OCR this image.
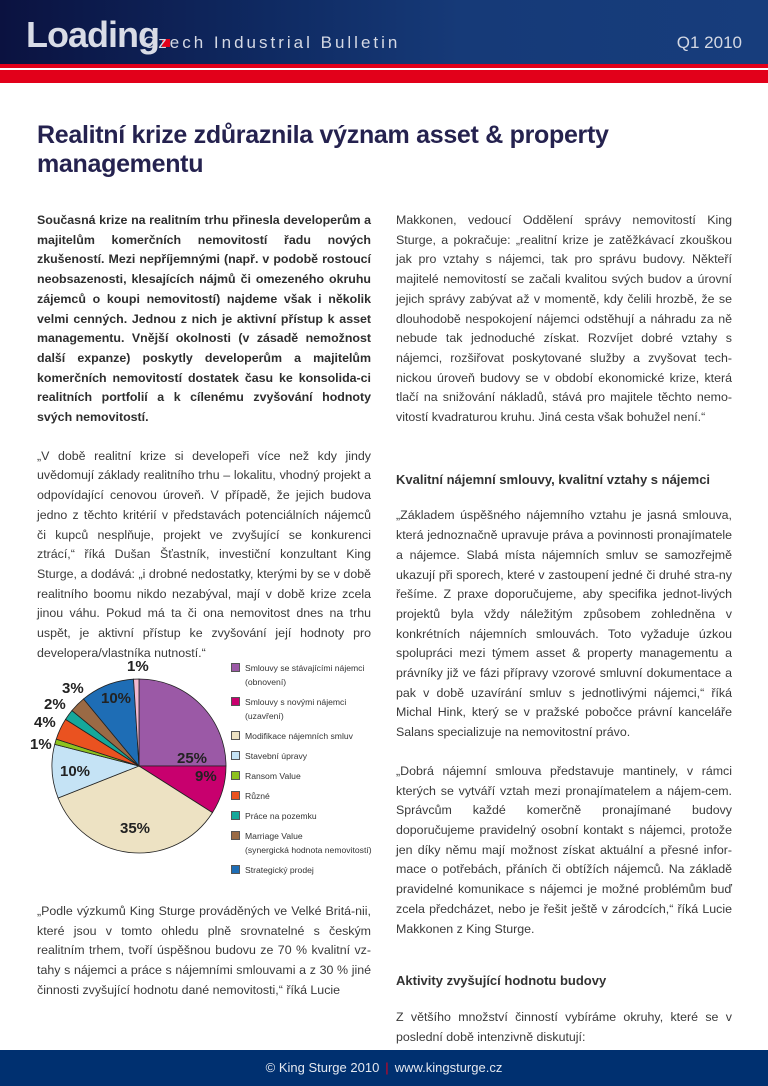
Loading
Czech Industrial Bulletin	Q1 2010
Realitní krize zdůraznila význam asset & property managementu

Současná krize na realitním trhu přinesla developerům a majitelům komerčních nemovitostí řadu nových zkušeností. Mezi nepříjemnými (např. v podobě rostoucí neobsazenosti, klesajících nájmů či omezeného okruhu zájemců o koupi nemovitostí) najdeme však i několik velmi cenných. Jednou z nich je aktivní přístup k asset managementu. Vnější okolnosti (v zásadě nemožnost další expanze) poskytly developerům a majitelům komerčních nemovitostí dostatek času ke konsolida-ci realitních portfolií a k cílenému zvyšování hodnoty svých nemovitostí.

„V době realitní krize si developeři více než kdy jindy uvědomují základy realitního trhu – lokalitu, vhodný projekt a odpovídající cenovou úroveň. V případě, že jejich budova jedno z těchto kritérií v představách potenciálních nájemců či kupců nesplňuje, projekt ve zvyšující se konkurenci ztrácí,“ říká Dušan Šťastník, investiční konzultant King Sturge, a dodává: „i drobné nedostatky, kterými by se v době realitního boomu nikdo nezabýval, mají v době krize zcela jinou váhu. Pokud má ta či ona nemovitost dnes na trhu uspět, je aktivní přístup ke zvyšování její hodnoty pro developera/vlastníka nutností.“

25%
9%
35%
10%
1%
4%
2%
3%
10%
1%	Smlouvy se stávajícími nájemci
(obnovení)
Smlouvy s novými nájemci
(uzavření)
Modifikace nájemních smluv
Stavební úpravy
Ransom Value
Různé
Práce na pozemku
Marriage Value
(synergická hodnota nemovitostí)
Strategický prodej

„Podle výzkumů King Sturge prováděných ve Velké Britá-nii, které jsou v tomto ohledu plně srovnatelné s českým realitním trhem, tvoří úspěšnou budovu ze 70 % kvalitní vz-tahy s nájemci a práce s nájemními smlouvami a z 30 % jiné činnosti zvyšující hodnotu dané nemovitosti,“ říká Lucie

Makkonen, vedoucí Oddělení správy nemovitostí King Sturge, a pokračuje: „realitní krize je zatěžkávací zkouškou jak pro vztahy s nájemci, tak pro správu budovy. Někteří majitelé nemovitostí se začali kvalitou svých budov a úrovní jejich správy zabývat až v momentě, kdy čelili hrozbě, že se dlouhodobě nespokojení nájemci odstěhují a náhradu za ně nebude tak jednoduché získat. Rozvíjet dobré vztahy s nájemci, rozšiřovat poskytované služby a zvyšovat tech-nickou úroveň budovy se v období ekonomické krize, která tlačí na snižování nákladů, stává pro majitele těchto nemo-vitostí kvadraturou kruhu. Jiná cesta však bohužel není.“

Kvalitní nájemní smlouvy, kvalitní vztahy s nájemci

„Základem úspěšného nájemního vztahu je jasná smlouva, která jednoznačně upravuje práva a povinnosti pronajímatele a nájemce. Slabá místa nájemních smluv se samozřejmě ukazují při sporech, které v zastoupení jedné či druhé stra-ny řešíme. Z praxe doporučujeme, aby specifika jednot-livých projektů byla vždy náležitým způsobem zohledněna v konkrétních nájemních smlouvách. Toto vyžaduje úzkou spolupráci mezi týmem asset & property managementu a právníky již ve fázi přípravy vzorové smluvní dokumentace a pak v době uzavírání smluv s jednotlivými nájemci,“ říká Michal Hink, který se v pražské pobočce právní kanceláře Salans specializuje na nemovitostní právo.

„Dobrá nájemní smlouva představuje mantinely, v rámci kterých se vytváří vztah mezi pronajímatelem a nájem-cem. Správcům každé komerčně pronajímané budovy doporučujeme pravidelný osobní kontakt s nájemci, protože jen díky němu mají možnost získat aktuální a přesné infor-mace o potřebách, přáních či obtížích nájemců. Na základě pravidelné komunikace s nájemci je možné problémům buď zcela předcházet, nebo je řešit ještě v zárodcích,“ říká Lucie Makkonen z King Sturge.

Aktivity zvyšující hodnotu budovy

Z většího množství činností vybíráme okruhy, které se v poslední době intenzivně diskutují:

© King Sturge 2010 | www.kingsturge.cz
